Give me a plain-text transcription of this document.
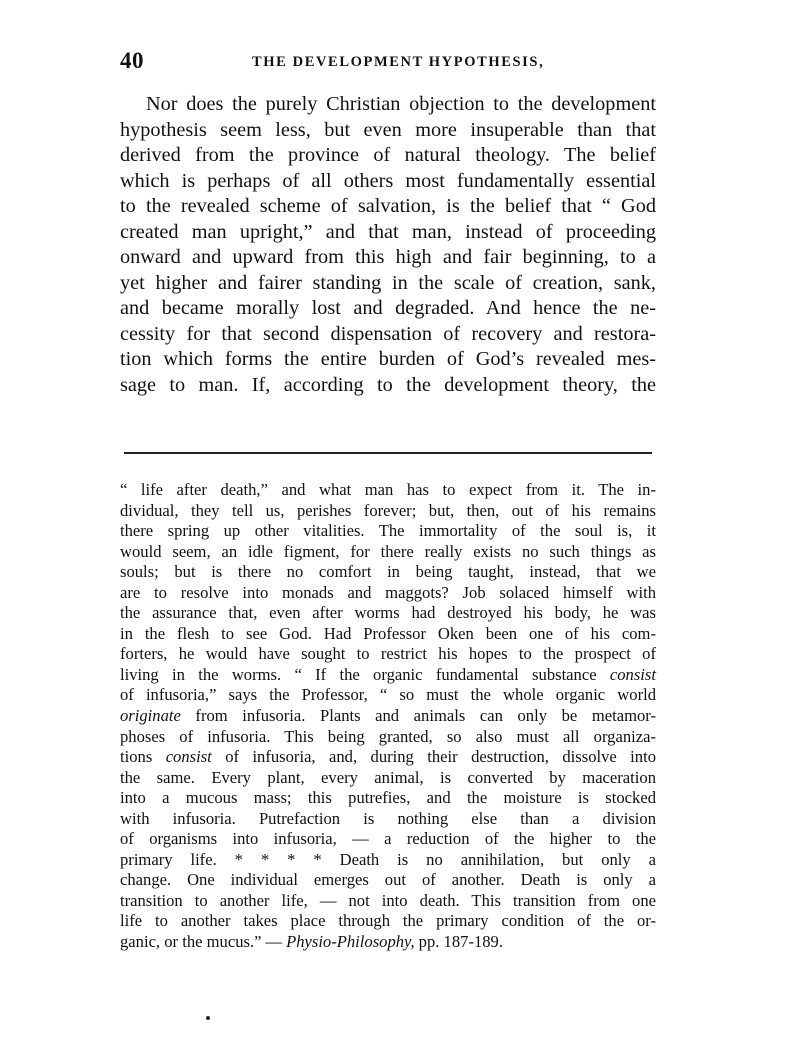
40	THE DEVELOPMENT HYPOTHESIS,
Nor does the purely Christian objection to the development
hypothesis seem less, but even more insuperable than that
derived from the province of natural theology. The belief
which is perhaps of all others most fundamentally essential
to the revealed scheme of salvation, is the belief that “ God
created man upright,” and that man, instead of proceeding
onward and upward from this high and fair beginning, to a
yet higher and fairer standing in the scale of creation, sank,
and became morally lost and degraded. And hence the ne-
cessity for that second dispensation of recovery and restora-
tion which forms the entire burden of God’s revealed mes-
sage to man. If, according to the development theory, the
“ life after death,” and what man has to expect from it. The in-
dividual, they tell us, perishes forever; but, then, out of his remains
there spring up other vitalities. The immortality of the soul is, it
would seem, an idle figment, for there really exists no such things as
souls; but is there no comfort in being taught, instead, that we
are to resolve into monads and maggots? Job solaced himself with
the assurance that, even after worms had destroyed his body, he was
in the flesh to see God. Had Professor Oken been one of his com-
forters, he would have sought to restrict his hopes to the prospect of
living in the worms. “ If the organic fundamental substance consist
of infusoria,” says the Professor, “ so must the whole organic world
originate from infusoria. Plants and animals can only be metamor-
phoses of infusoria. This being granted, so also must all organiza-
tions consist of infusoria, and, during their destruction, dissolve into
the same. Every plant, every animal, is converted by maceration
into a mucous mass; this putrefies, and the moisture is stocked
with infusoria. Putrefaction is nothing else than a division
of organisms into infusoria, — a reduction of the higher to the
primary life. * * * * Death is no annihilation, but only a
change. One individual emerges out of another. Death is only a
transition to another life, — not into death. This transition from one
life to another takes place through the primary condition of the or-
ganic, or the mucus.” — Physio-Philosophy, pp. 187-189.
